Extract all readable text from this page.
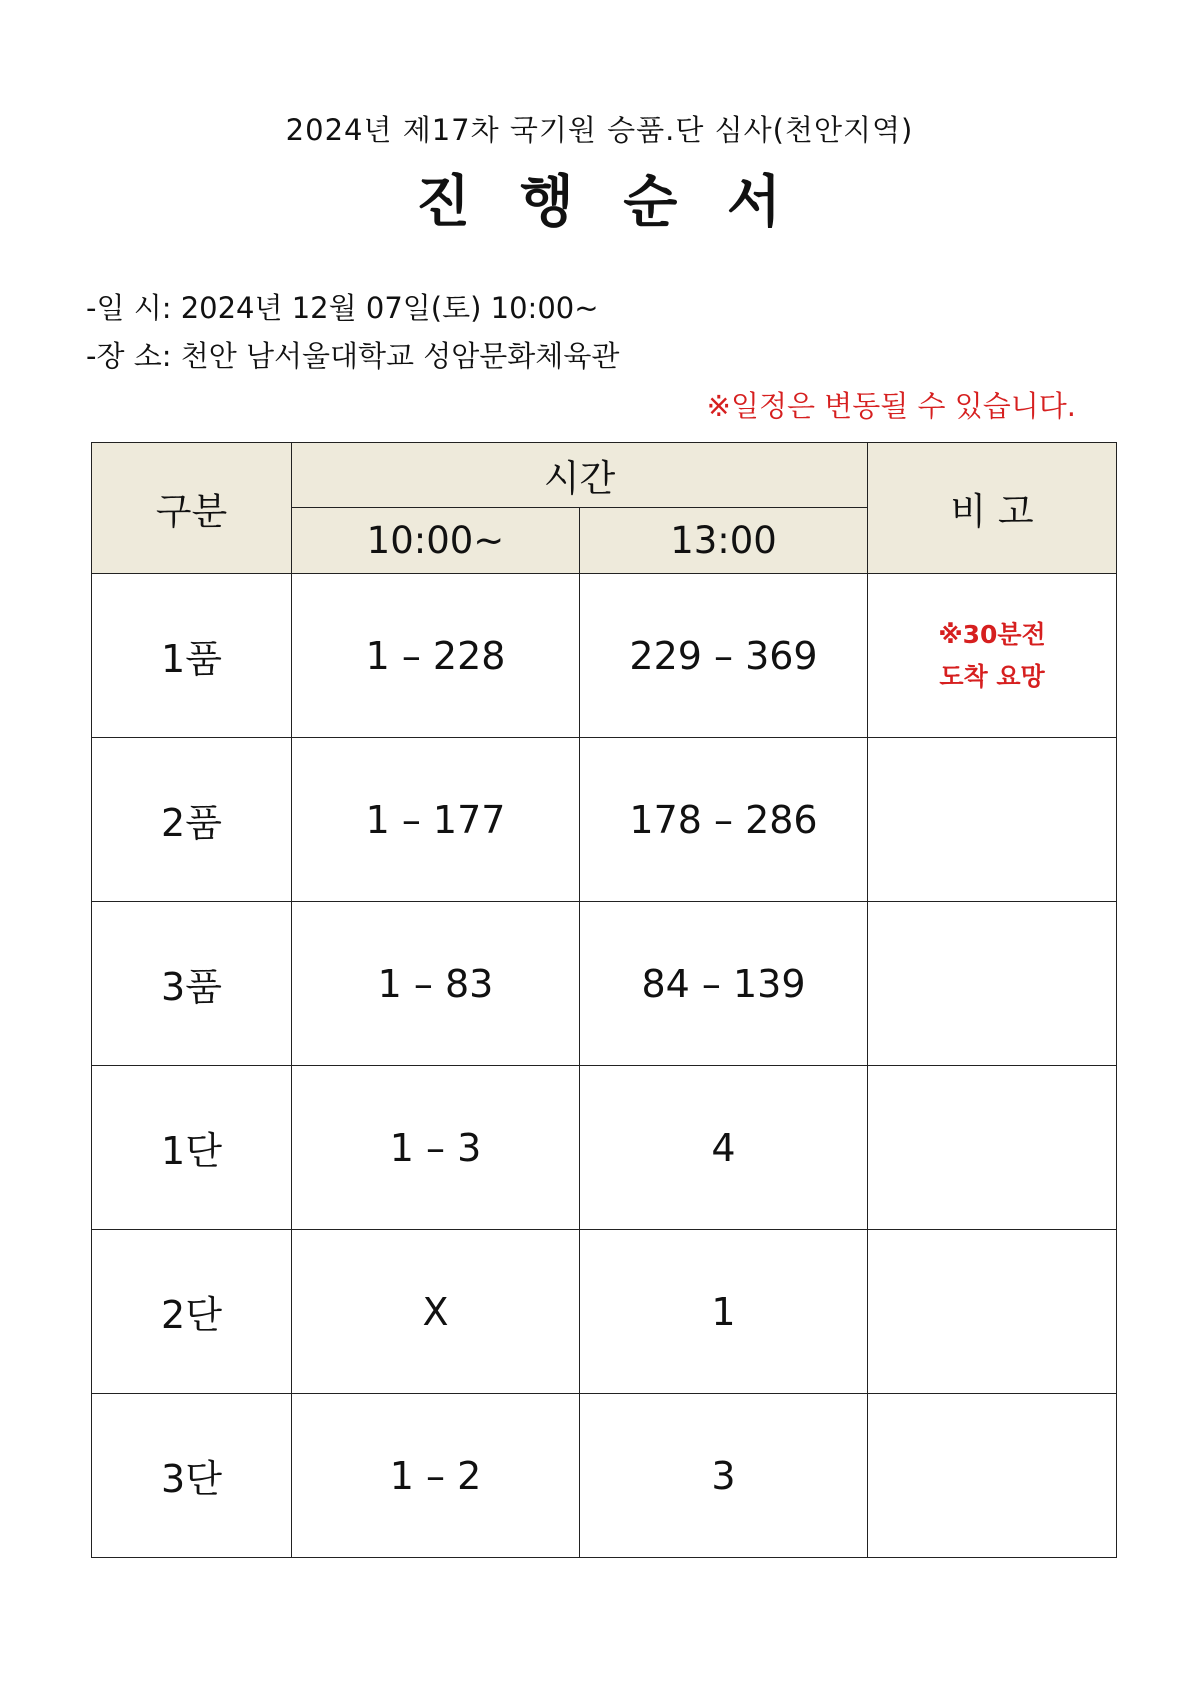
2024년 제17차 국기원 승품.단 심사(천안지역)
진 행 순 서
-일 시: 2024년 12월 07일(토) 10:00~
-장 소: 천안 남서울대학교 성암문화체육관
※일정은 변동될 수 있습니다.
구분	시간		비 고
	10:00~	13:00	
1품	1 – 228	229 – 369	※30분전
도착 요망

2품	1 – 177	178 – 286	

3품	1 – 83	84 – 139	

1단	1 – 3	4	

2단	X	1	

3단	1 – 2	3	
